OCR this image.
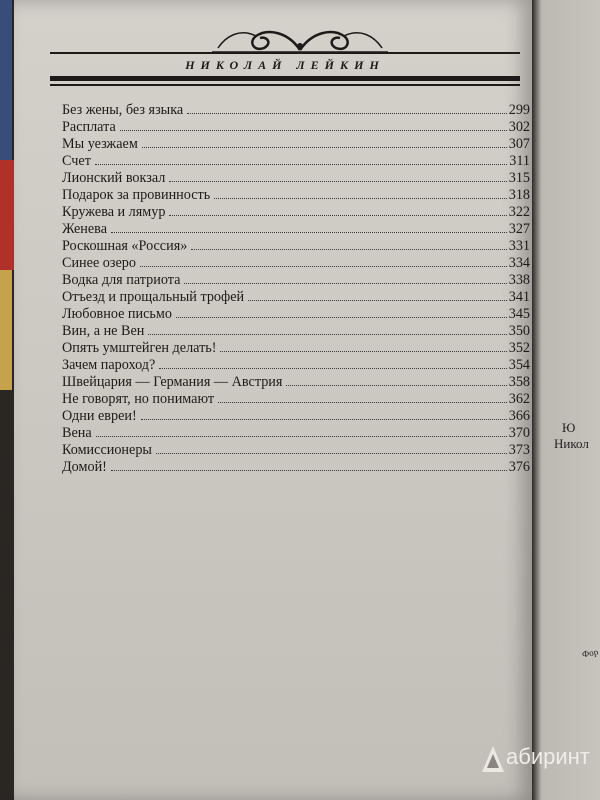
Ю
Никол
Фор
НИКОЛАЙ ЛЕЙКИН
Без жены, без языка	299
Расплата	302
Мы уезжаем	307
Счет	311
Лионский вокзал	315
Подарок за провинность	318
Кружева и лямур	322
Женева	327
Роскошная «Россия»	331
Синее озеро	334
Водка для патриота	338
Отъезд и прощальный трофей	341
Любовное письмо	345
Вин, а не Вен	350
Опять умштейген делать!	352
Зачем пароход?	354
Швейцария — Германия — Австрия	358
Не говорят, но понимают	362
Одни евреи!	366
Вена	370
Комиссионеры	373
Домой!	376
абиринт
